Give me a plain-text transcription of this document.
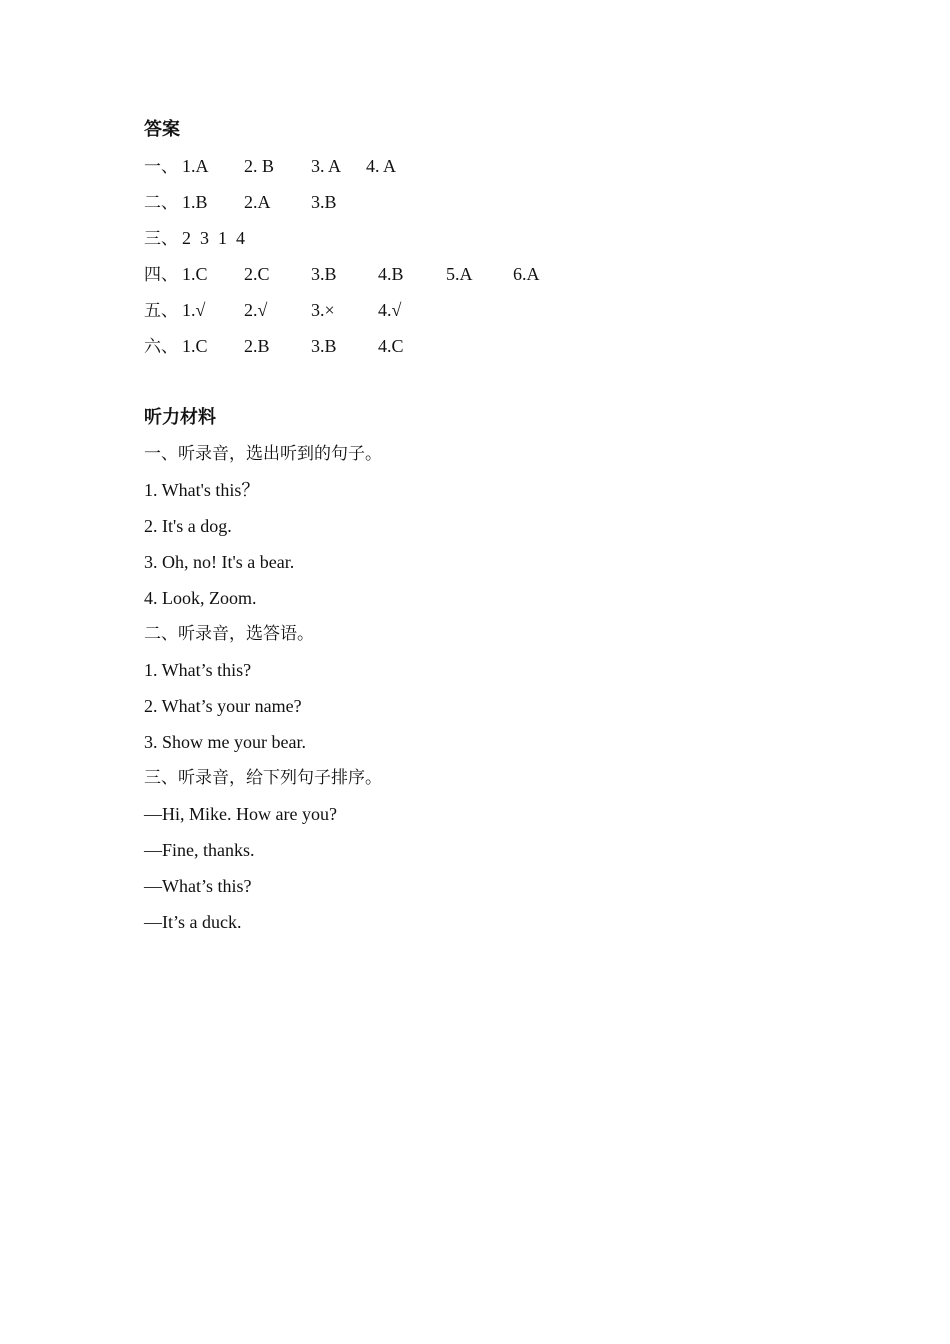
答案
一、 1.A 2. B 3. A 4. A
二、 1.B 2.A 3.B
三、 2  3  1  4
四、 1.C 2.C 3.B 4.B 5.A 6.A
五、 1.√ 2.√ 3.× 4.√
六、 1.C 2.B 3.B 4.C
听力材料
一、听录音，选出听到的句子。
1. What's this？
2. It's a dog.
3. Oh, no! It's a bear.
4. Look, Zoom.
二、听录音，选答语。
1. What’s this?
2. What’s your name?
3. Show me your bear.
三、听录音，给下列句子排序。
—Hi, Mike. How are you?
—Fine, thanks.
—What’s this?
—It’s a duck.
